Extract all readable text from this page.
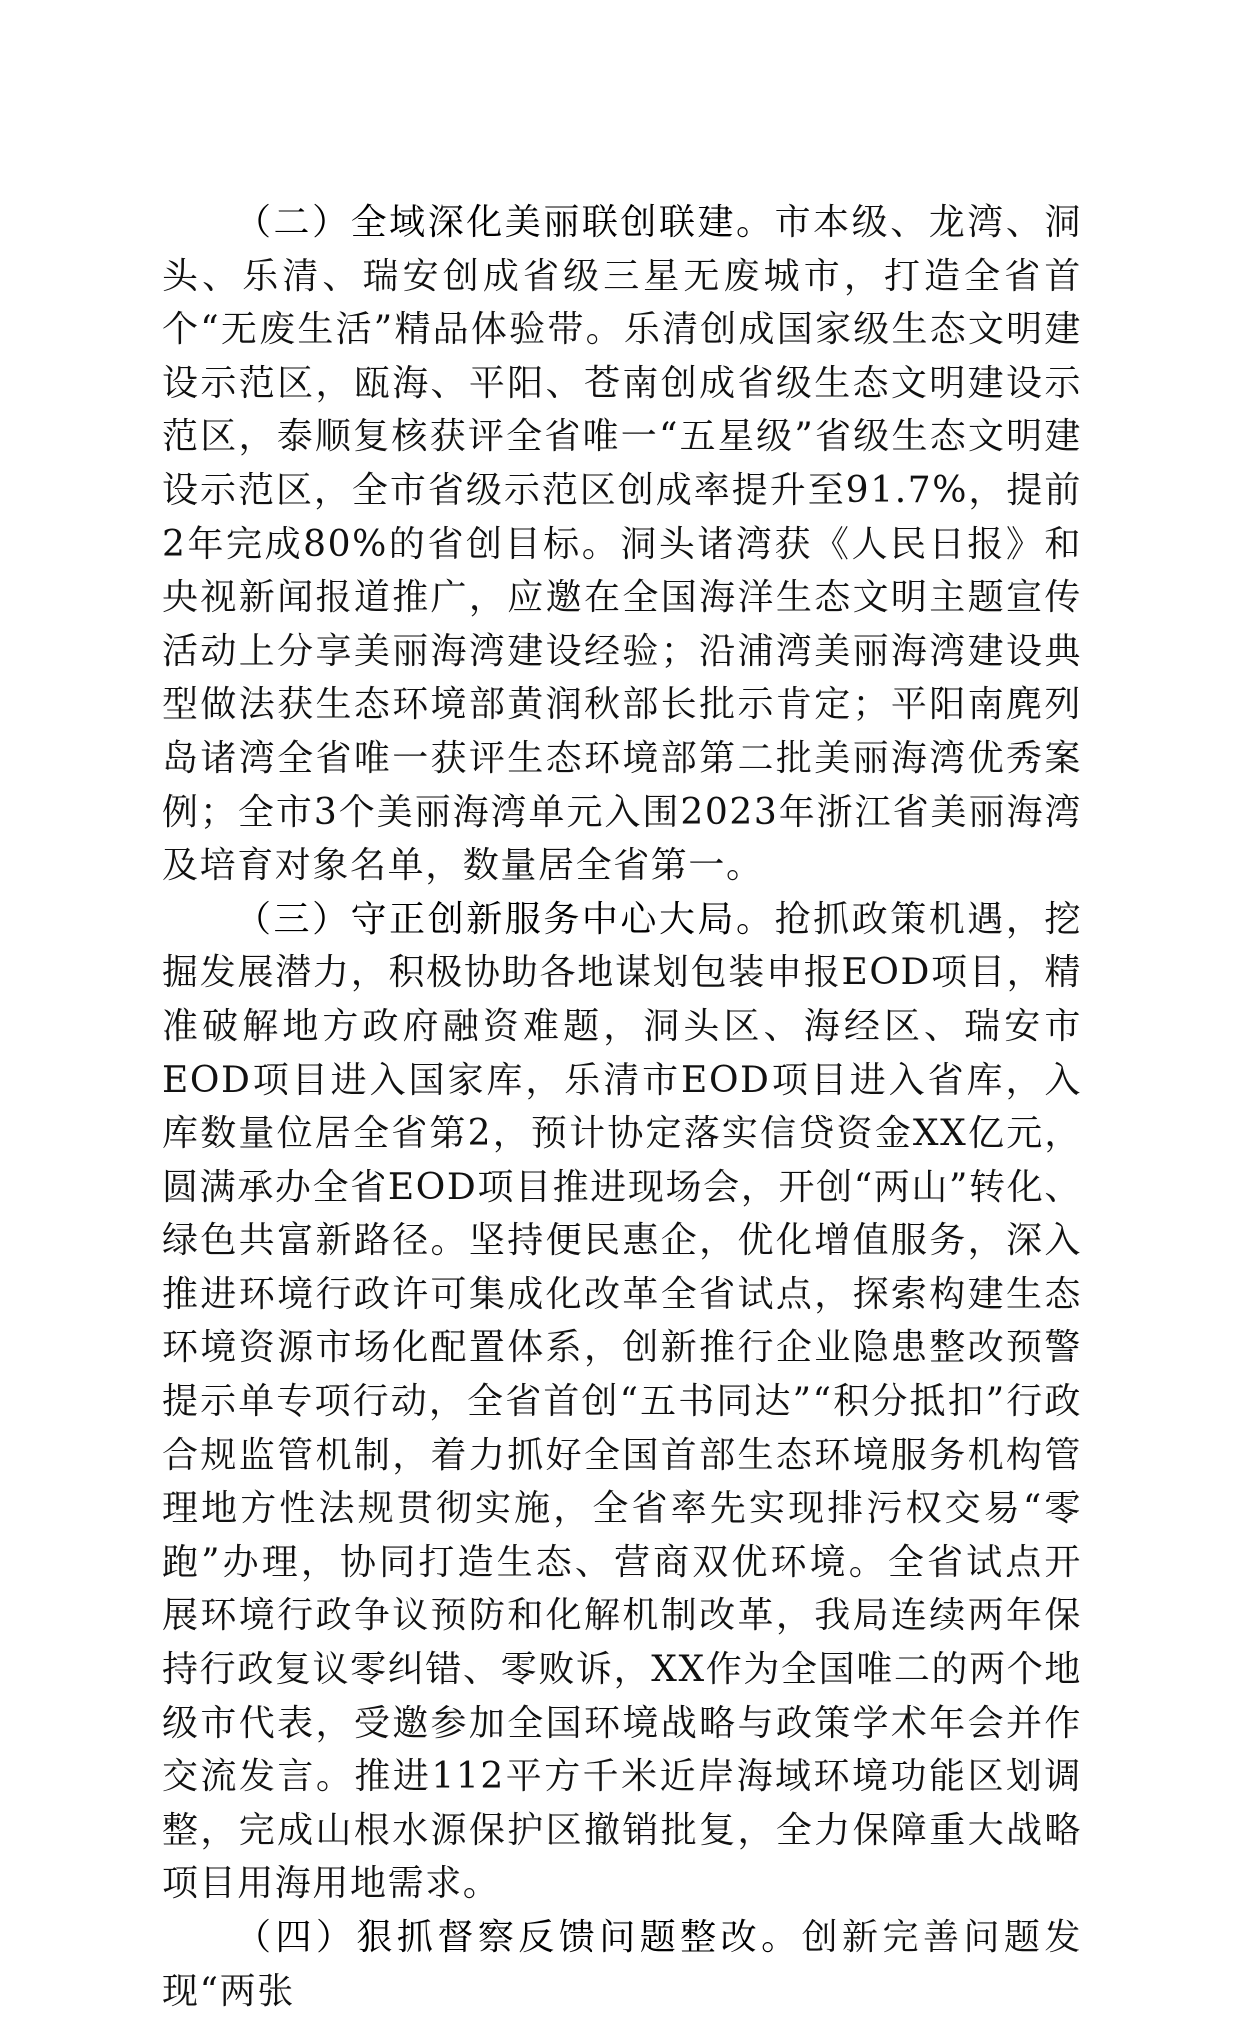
（二）全域深化美丽联创联建。市本级、龙湾、洞头、乐清、瑞安创成省级三星无废城市，打造全省首个“无废生活”精品体验带。乐清创成国家级生态文明建设示范区，瓯海、平阳、苍南创成省级生态文明建设示范区，泰顺复核获评全省唯一“五星级”省级生态文明建设示范区，全市省级示范区创成率提升至91.7%，提前2年完成80%的省创目标。洞头诸湾获《人民日报》和央视新闻报道推广，应邀在全国海洋生态文明主题宣传活动上分享美丽海湾建设经验；沿浦湾美丽海湾建设典型做法获生态环境部黄润秋部长批示肯定；平阳南麂列岛诸湾全省唯一获评生态环境部第二批美丽海湾优秀案例；全市3个美丽海湾单元入围2023年浙江省美丽海湾及培育对象名单，数量居全省第一。

（三）守正创新服务中心大局。抢抓政策机遇，挖掘发展潜力，积极协助各地谋划包装申报EOD项目，精准破解地方政府融资难题，洞头区、海经区、瑞安市EOD项目进入国家库，乐清市EOD项目进入省库，入库数量位居全省第2，预计协定落实信贷资金XX亿元，圆满承办全省EOD项目推进现场会，开创“两山”转化、绿色共富新路径。坚持便民惠企，优化增值服务，深入推进环境行政许可集成化改革全省试点，探索构建生态环境资源市场化配置体系，创新推行企业隐患整改预警提示单专项行动，全省首创“五书同达”“积分抵扣”行政合规监管机制，着力抓好全国首部生态环境服务机构管理地方性法规贯彻实施，全省率先实现排污权交易“零跑”办理，协同打造生态、营商双优环境。全省试点开展环境行政争议预防和化解机制改革，我局连续两年保持行政复议零纠错、零败诉，XX作为全国唯二的两个地级市代表，受邀参加全国环境战略与政策学术年会并作交流发言。推进112平方千米近岸海域环境功能区划调整，完成山根水源保护区撤销批复，全力保障重大战略项目用海用地需求。

（四）狠抓督察反馈问题整改。创新完善问题发现“两张
